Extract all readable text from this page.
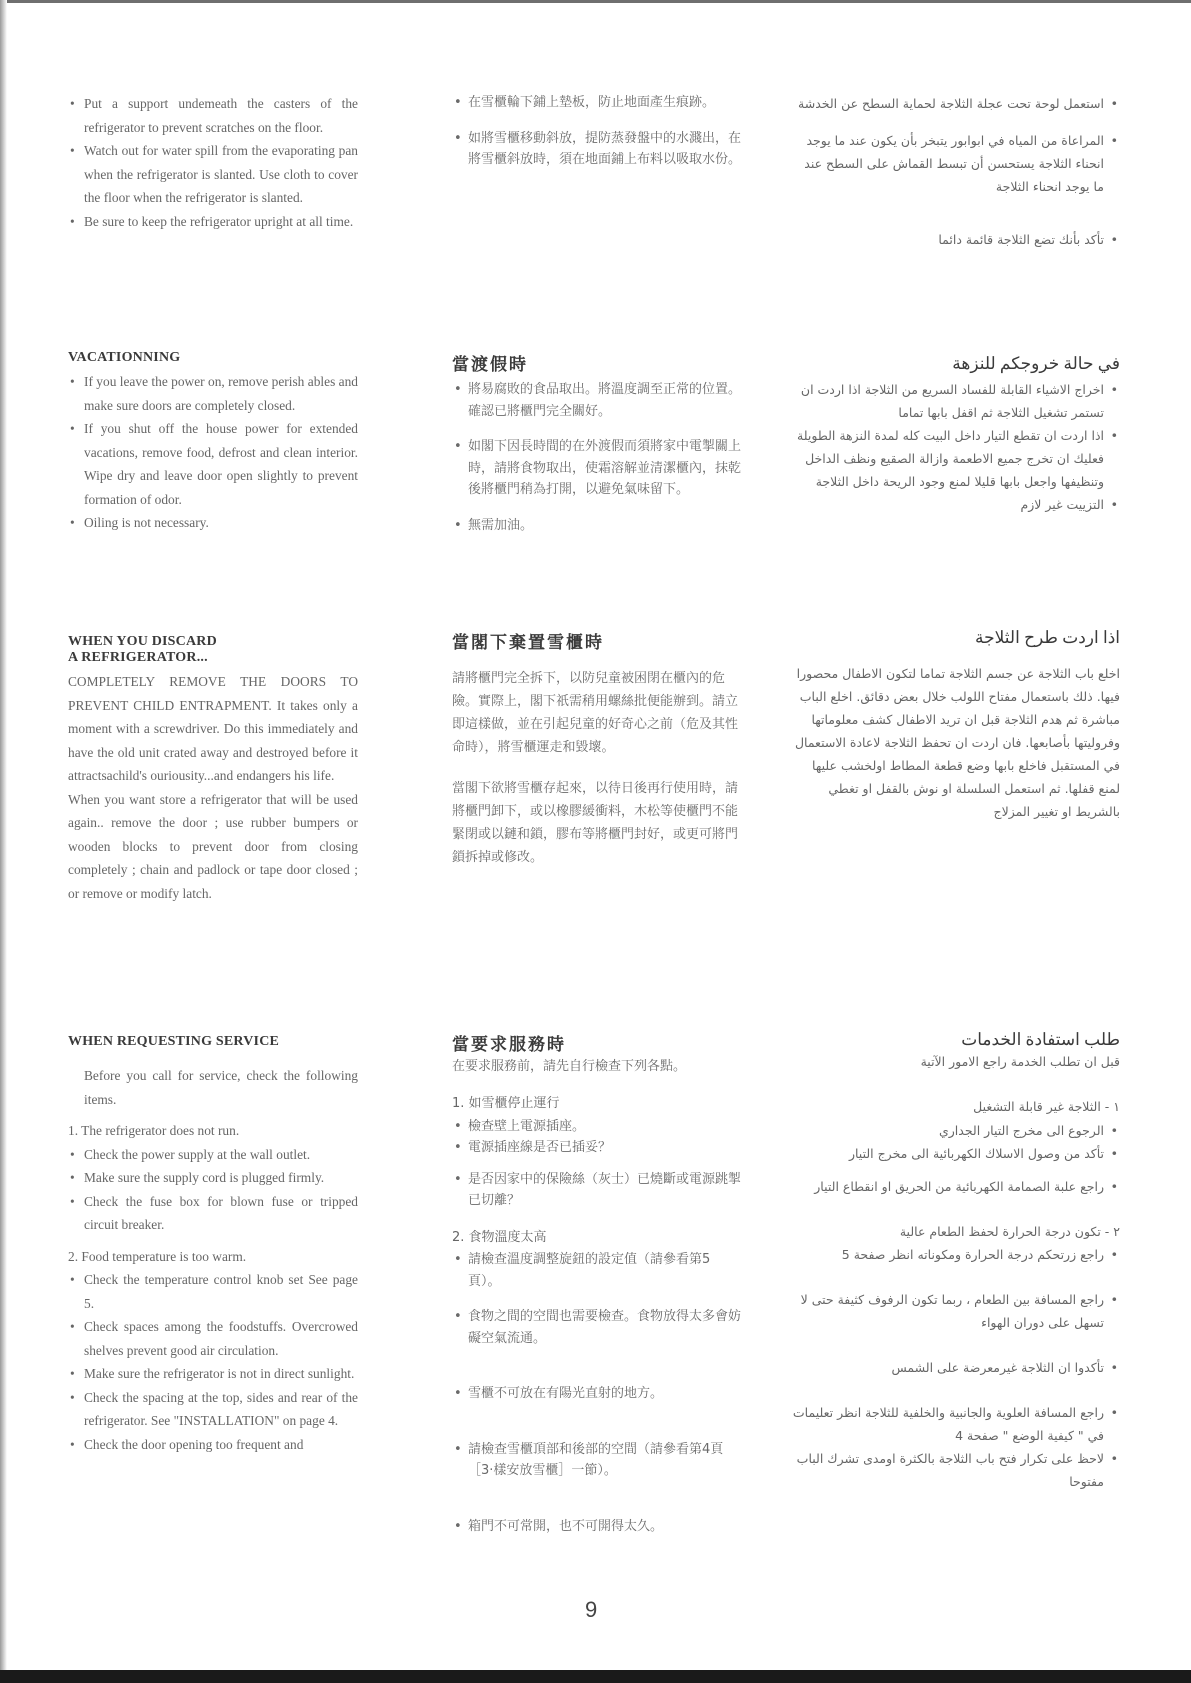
• Put a support undemeath the casters of the refrigerator to prevent scratches on the floor.
• Watch out for water spill from the evaporating pan when the refrigerator is slanted. Use cloth to cover the floor when the refrigerator is slanted.
• Be sure to keep the refrigerator upright at all time.
VACATIONNING
• If you leave the power on, remove perish ables and make sure doors are completely closed.
• If you shut off the house power for extended vacations, remove food, defrost and clean interior. Wipe dry and leave door open slightly to prevent formation of odor.
• Oiling is not necessary.
WHEN YOU DISCARD
A REFRIGERATOR...

COMPLETELY REMOVE THE DOORS TO PREVENT CHILD ENTRAPMENT. It takes only a moment with a screwdriver. Do this immediately and have the old unit crated away and destroyed before it attractsachild's ouriousity...and endangers his life.

When you want store a refrigerator that will be used again.. remove the door ; use rubber bumpers or wooden blocks to prevent door from closing completely ; chain and padlock or tape door closed ; or remove or modify latch.

WHEN REQUESTING SERVICE

Before you call for service, check the following items.

1. The refrigerator does not run.

• Check the power supply at the wall outlet.
• Make sure the supply cord is plugged firmly.
• Check the fuse box for blown fuse or tripped circuit breaker.

2. Food temperature is too warm.

• Check the temperature control knob set See page 5.
• Check spaces among the foodstuffs. Overcrowed shelves prevent good air circulation.
• Make sure the refrigerator is not in direct sunlight.
• Check the spacing at the top, sides and rear of the refrigerator. See "INSTALLATION" on page 4.
• Check the door opening too frequent and
• 在雪櫃輪下鋪上墊板，防止地面產生痕跡。
• 如將雪櫃移動斜放，提防蒸發盤中的水濺出，在將雪櫃斜放時，須在地面鋪上布料以吸取水份。
當渡假時
• 將易腐敗的食品取出。將溫度調至正常的位置。確認已將櫃門完全關好。
• 如閣下因長時間的在外渡假而須將家中電掣關上時，請將食物取出，使霜溶解並清潔櫃內，抹乾後將櫃門稍為打開，以避免氣味留下。
• 無需加油。
當閣下棄置雪櫃時

請將櫃門完全拆下，以防兒童被困閉在櫃內的危險。實際上，閣下祇需稍用螺絲批便能辦到。請立即這樣做，並在引起兒童的好奇心之前（危及其性命時），將雪櫃運走和毀壞。

當閣下欲將雪櫃存起來，以待日後再行使用時，請將櫃門卸下，或以橡膠緩衝料，木松等使櫃門不能緊閉或以鏈和鎖，膠布等將櫃門封好，或更可將門鎖拆掉或修改。

當要求服務時

在要求服務前，請先自行檢查下列各點。

1. 如雪櫃停止運行

• 檢查壁上電源插座。
• 電源插座線是否已插妥？
• 是否因家中的保險絲（灰士）已燒斷或電源跳掣已切離？

2. 食物溫度太高

• 請檢查溫度調整旋鈕的設定值（請參看第5頁）。
• 食物之間的空間也需要檢查。食物放得太多會妨礙空氣流通。
• 雪櫃不可放在有陽光直射的地方。
• 請檢查雪櫃頂部和後部的空間（請參看第4頁［3·樣安放雪櫃］一節）。
• 箱門不可常開，也不可開得太久。
• استعمل لوحة تحت عجلة الثلاجة لحماية السطح عن الخدشة
• المراعاة من المياه في ابوابور يتبخر بأن يكون عند ما يوجد انحناء الثلاجة يستحسن أن تبسط القماش على السطح عند ما يوجد انحناء الثلاجة
• تأكد بأنك تضع الثلاجة قائمة دائما
في حالة خروجكم للنزهة
• اخراج الاشياء القابلة للفساد السريع من الثلاجة اذا اردت ان تستمر تشغيل الثلاجة ثم اقفل بابها تماما
• اذا اردت ان تقطع التيار داخل البيت كله لمدة النزهة الطويلة فعليك ان تخرج جميع الاطعمة وازالة الصقيع ونظف الداخل وتنظيفها واجعل بابها قليلا لمنع وجود الريحة داخل الثلاجة
• التزييت غير لازم
اذا اردت طرح الثلاجة

اخلع باب الثلاجة عن جسم الثلاجة تماما لتكون الاطفال محصورا فيها. ذلك باستعمال مفتاح اللولب خلال بعض دقائق. اخلع الباب مباشرة ثم هدم الثلاجة قبل ان تريد الاطفال كشف معلوماتها وفروليتها بأصابعها. فان اردت ان تحفظ الثلاجة لاعادة الاستعمال في المستقبل فاخلع بابها وضع قطعة المطاط اولخشب عليها لمنع قفلها. ثم استعمل السلسلة او نوش بالقفل او تغطي بالشريط او تغيير المزلاج

طلب استفادة الخدمات

قبل ان تطلب الخدمة راجع الامور الآتية

١ - الثلاجة غير قابلة التشغيل

• الرجوع الى مخرج التيار الجداري
• تأكد من وصول الاسلاك الكهربائية الى مخرج التيار
• راجع علبة الصمامة الكهربائية من الحريق او انقطاع التيار

٢ - تكون درجة الحرارة لحفظ الطعام عالية

• راجع زرتحكم درجة الحرارة ومكوناته انظر صفحة 5
• راجع المسافة بين الطعام ، ربما تكون الرفوف كثيفة حتى لا تسهل على دوران الهواء
• تأكدوا ان الثلاجة غيرمعرضة على الشمس
• راجع المسافة العلوية والجانبية والخلفية للثلاجة انظر تعليمات في " كيفية الوضع " صفحة 4
• لاحظ على تكرار فتح باب الثلاجة بالكثرة اومدى تشرك الباب مفتوحا
9
